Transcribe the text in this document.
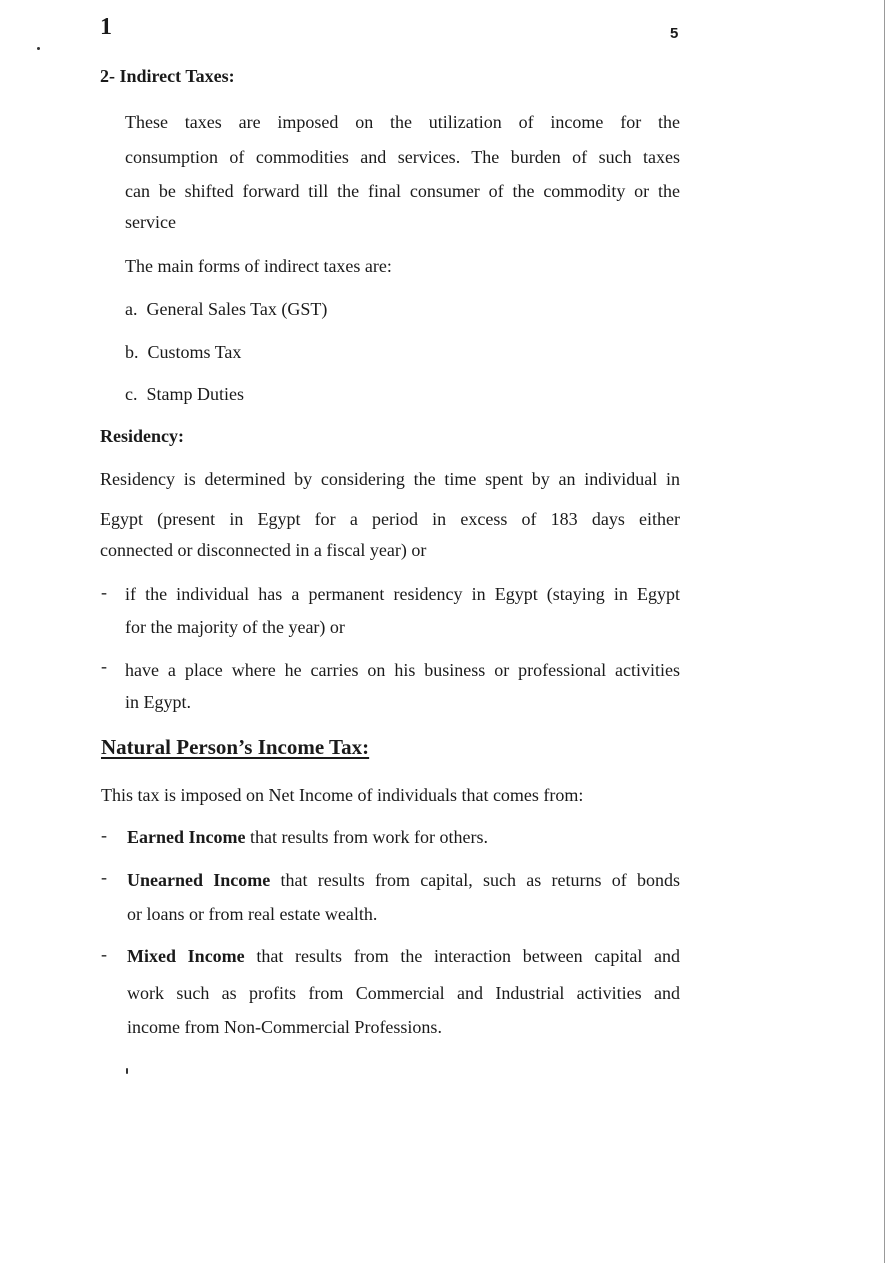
1	5
2- Indirect Taxes:
These taxes are imposed on the utilization of income for the
consumption of commodities and services. The burden of such taxes
can be shifted forward till the final consumer of the commodity or the
service
The main forms of indirect taxes are:
a. General Sales Tax (GST)
b. Customs Tax
c. Stamp Duties
Residency:
Residency is determined by considering the time spent by an individual in
Egypt (present in Egypt for a period in excess of 183 days either
connected or disconnected in a fiscal year) or
- if the individual has a permanent residency in Egypt (staying in Egypt
for the majority of the year) or
- have a place where he carries on his business or professional activities
in Egypt.
Natural Person’s Income Tax:
This tax is imposed on Net Income of individuals that comes from:
- Earned Income that results from work for others.
- Unearned Income that results from capital, such as returns of bonds
or loans or from real estate wealth.
- Mixed Income that results from the interaction between capital and
work such as profits from Commercial and Industrial activities and
income from Non-Commercial Professions.
